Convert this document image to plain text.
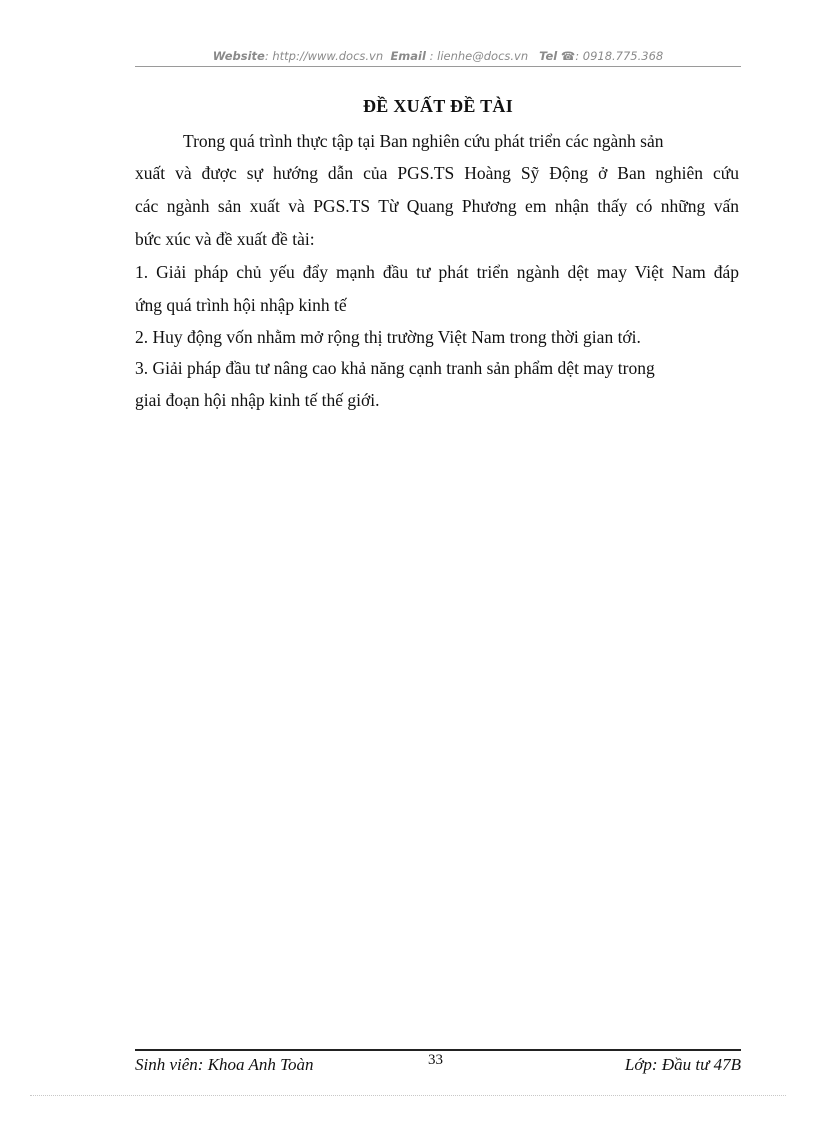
Website: http://www.docs.vn Email : lienhe@docs.vn Tel ☎: 0918.775.368
ĐỀ XUẤT ĐỀ TÀI
Trong quá trình thực tập tại Ban nghiên cứu phát triển các ngành sản
xuất và được sự hướng dẫn của PGS.TS Hoàng Sỹ Động ở Ban nghiên cứu
các ngành sản xuất và PGS.TS Từ Quang Phương em nhận thấy có những vấn
bức xúc và đề xuất đề tài:
1. Giải pháp chủ yếu đẩy mạnh đầu tư phát triển ngành dệt may Việt Nam đáp
ứng quá trình hội nhập kinh tế
2. Huy động vốn nhằm mở rộng thị trường Việt Nam trong thời gian tới.
3. Giải pháp đầu tư nâng cao khả năng cạnh tranh sản phẩm dệt may trong
giai đoạn hội nhập kinh tế thế giới.
Sinh viên: Khoa Anh Toàn	33	Lớp: Đầu tư 47B
